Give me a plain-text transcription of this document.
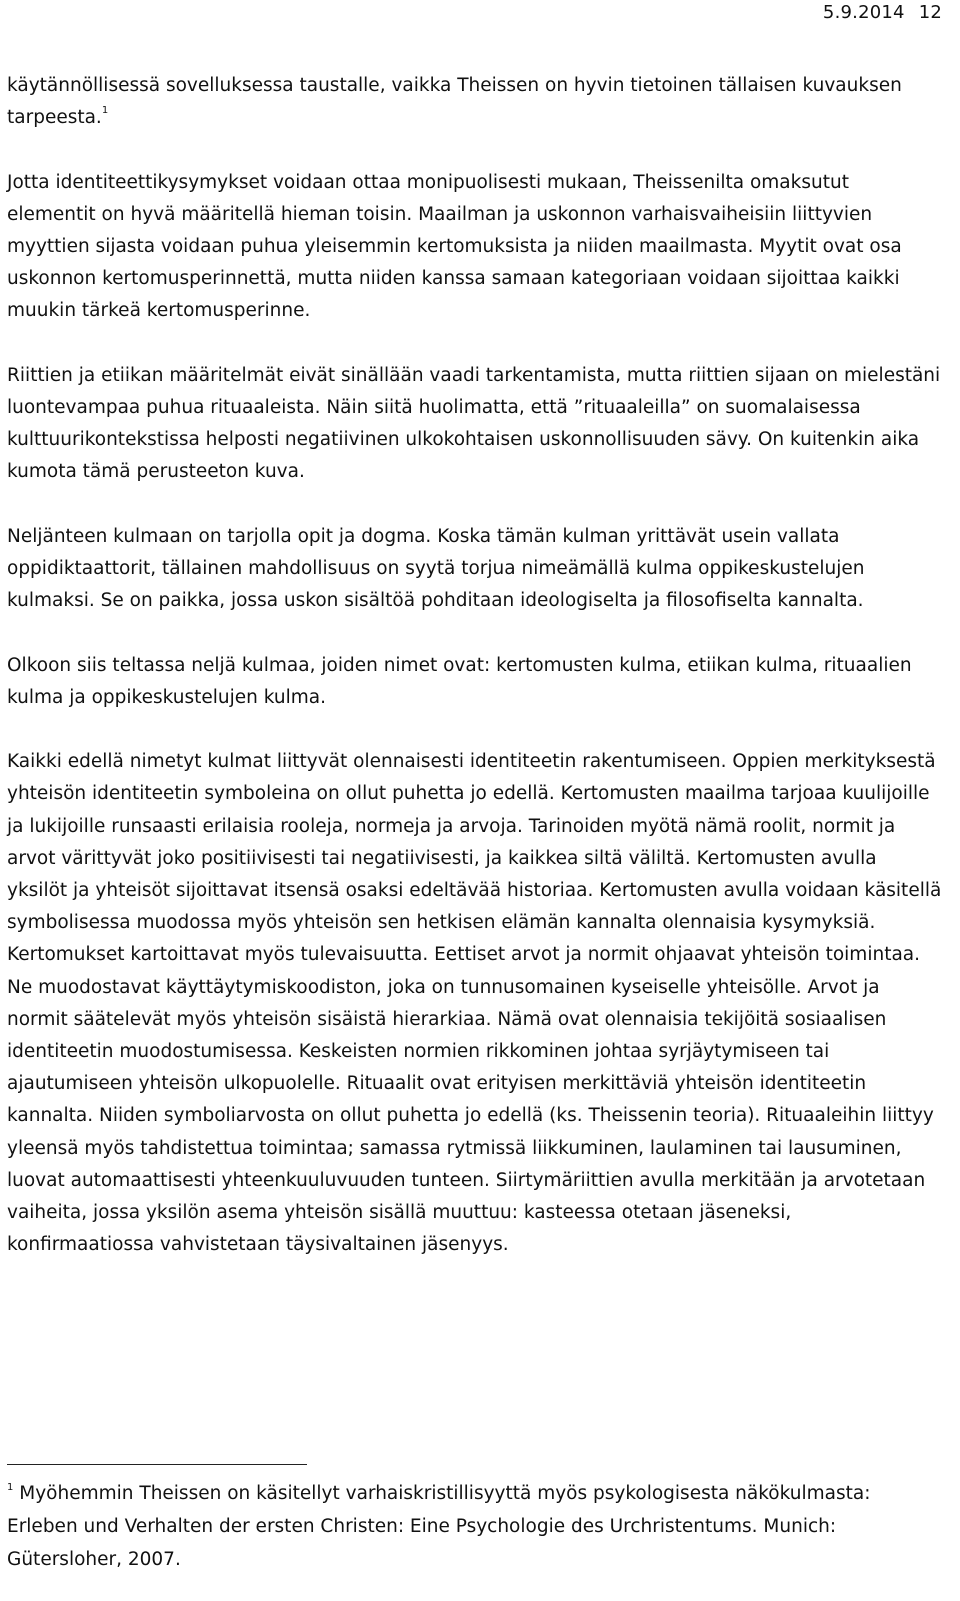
5.9.2014 12

käytännöllisessä sovelluksessa taustalle, vaikka Theissen on hyvin tietoinen tällaisen kuvauksen tarpeesta.$^1$

Jotta identiteettikysymykset voidaan ottaa monipuolisesti mukaan, Theissenilta omaksutut elementit on hyvä määritellä hieman toisin. Maailman ja uskonnon varhaisvaiheisiin liittyvien myyttien sijasta voidaan puhua yleisemmin kertomuksista ja niiden maailmasta. Myytit ovat osa uskonnon kertomusperinnettä, mutta niiden kanssa samaan kategoriaan voidaan sijoittaa kaikki muukin tärkeä kertomusperinne.

Riittien ja etiikan määritelmät eivät sinällään vaadi tarkentamista, mutta riittien sijaan on mielestäni luontevampaa puhua rituaaleista. Näin siitä huolimatta, että ”rituaaleilla” on suomalaisessa kulttuurikontekstissa helposti negatiivinen ulkokohtaisen uskonnollisuuden sävy. On kuitenkin aika kumota tämä perusteeton kuva.

Neljänteen kulmaan on tarjolla opit ja dogma. Koska tämän kulman yrittävät usein vallata oppidiktaattorit, tällainen mahdollisuus on syytä torjua nimeämällä kulma oppikeskustelujen kulmaksi. Se on paikka, jossa uskon sisältöä pohditaan ideologiselta ja filosofiselta kannalta.

Olkoon siis teltassa neljä kulmaa, joiden nimet ovat: kertomusten kulma, etiikan kulma, rituaalien kulma ja oppikeskustelujen kulma.

Kaikki edellä nimetyt kulmat liittyvät olennaisesti identiteetin rakentumiseen. Oppien merkityksestä yhteisön identiteetin symboleina on ollut puhetta jo edellä. Kertomusten maailma tarjoaa kuulijoille ja lukijoille runsaasti erilaisia rooleja, normeja ja arvoja. Tarinoiden myötä nämä roolit, normit ja arvot värittyvät joko positiivisesti tai negatiivisesti, ja kaikkea siltä väliltä. Kertomusten avulla yksilöt ja yhteisöt sijoittavat itsensä osaksi edeltävää historiaa. Kertomusten avulla voidaan käsitellä symbolisessa muodossa myös yhteisön sen hetkisen elämän kannalta olennaisia kysymyksiä. Kertomukset kartoittavat myös tulevaisuutta. Eettiset arvot ja normit ohjaavat yhteisön toimintaa. Ne muodostavat käyttäytymiskoodiston, joka on tunnusomainen kyseiselle yhteisölle. Arvot ja normit säätelevät myös yhteisön sisäistä hierarkiaa. Nämä ovat olennaisia tekijöitä sosiaalisen identiteetin muodostumisessa. Keskeisten normien rikkominen johtaa syrjäytymiseen tai ajautumiseen yhteisön ulkopuolelle. Rituaalit ovat erityisen merkittäviä yhteisön identiteetin kannalta. Niiden symboliarvosta on ollut puhetta jo edellä (ks. Theissenin teoria). Rituaaleihin liittyy yleensä myös tahdistettua toimintaa; samassa rytmissä liikkuminen, laulaminen tai lausuminen, luovat automaattisesti yhteenkuuluvuuden tunteen. Siirtymäriittien avulla merkitään ja arvotetaan vaiheita, jossa yksilön asema yhteisön sisällä muuttuu: kasteessa otetaan jäseneksi, konfirmaatiossa vahvistetaan täysivaltainen jäsenyys.

$^1$ Myöhemmin Theissen on käsitellyt varhaiskristillisyyttä myös psykologisesta näkökulmasta: Erleben und Verhalten der ersten Christen: Eine Psychologie des Urchristentums. Munich: Gütersloher, 2007.
